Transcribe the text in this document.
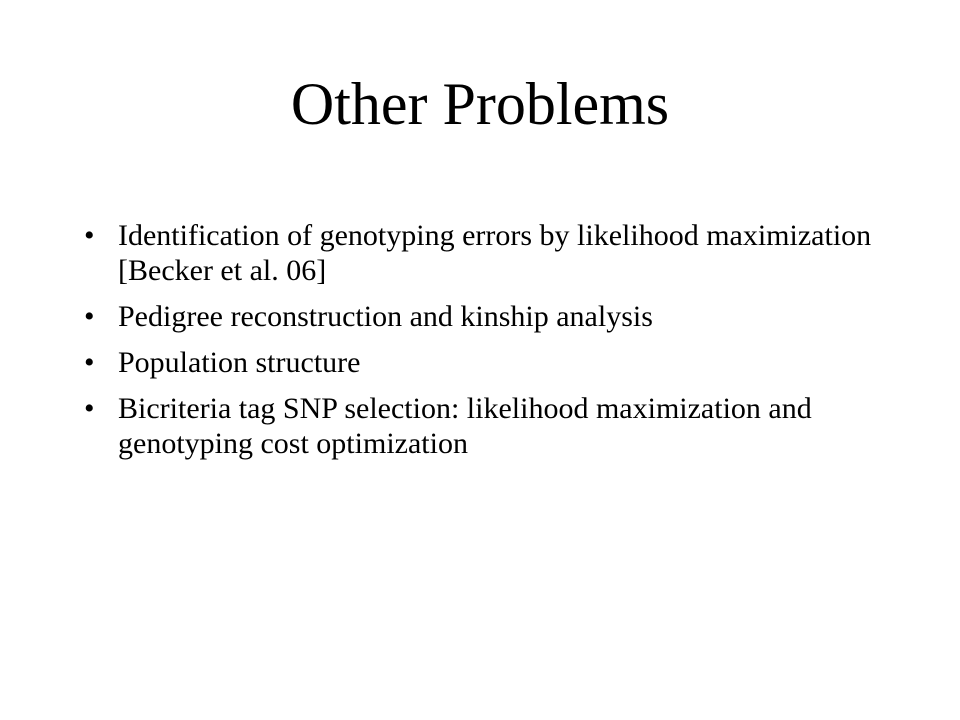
Other Problems
• Identification of genotyping errors by likelihood maximization [Becker et al. 06]
• Pedigree reconstruction and kinship analysis
• Population structure
• Bicriteria tag SNP selection: likelihood maximization and genotyping cost optimization
